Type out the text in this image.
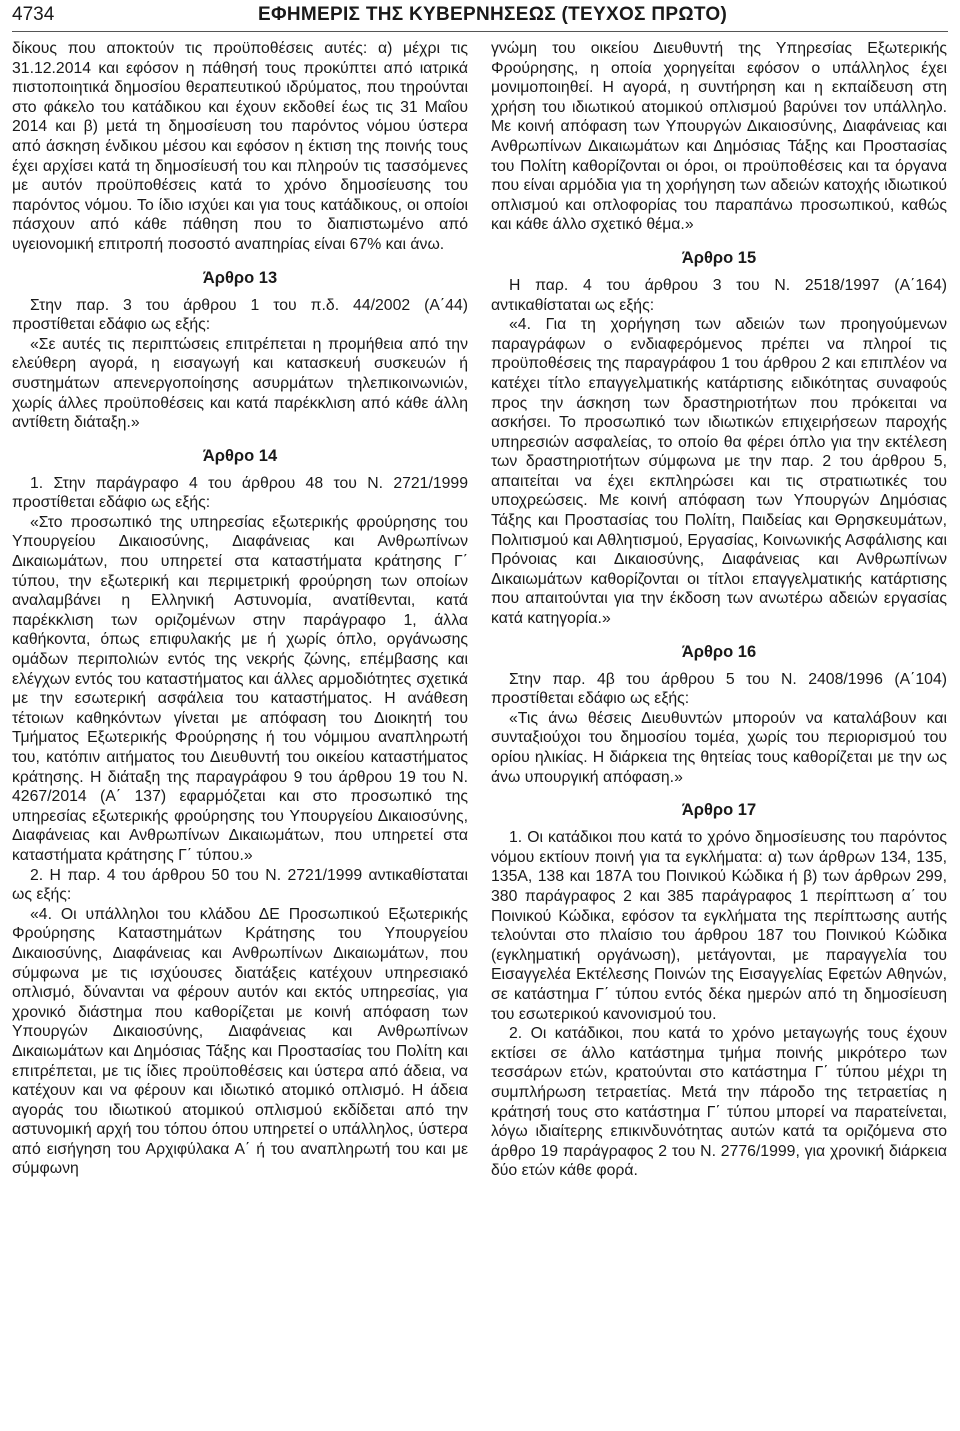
4734	ΕΦΗΜΕΡΙΣ ΤΗΣ ΚΥΒΕΡΝΗΣΕΩΣ (ΤΕΥΧΟΣ ΠΡΩΤΟ)

δίκους που αποκτούν τις προϋποθέσεις αυτές: α) μέχρι τις 31.12.2014 και εφόσον η πάθησή τους προκύπτει από ιατρικά πιστοποιητικά δημοσίου θεραπευτικού ιδρύματος, που τηρούνται στο φάκελο του κατάδικου και έχουν εκδοθεί έως τις 31 Μαΐου 2014 και β) μετά τη δημοσίευση του παρόντος νόμου ύστερα από άσκηση ένδικου μέσου και εφόσον η έκτιση της ποινής τους έχει αρχίσει κατά τη δημοσίευσή του και πληρούν τις τασσόμενες με αυτόν προϋποθέσεις κατά το χρόνο δημοσίευσης του παρόντος νόμου. Το ίδιο ισχύει και για τους κατάδικους, οι οποίοι πάσχουν από κάθε πάθηση που το διαπιστωμένο από υγειονομική επιτροπή ποσοστό αναπηρίας είναι 67% και άνω.

Άρθρο 13

Στην παρ. 3 του άρθρου 1 του π.δ. 44/2002 (Α΄44) προστίθεται εδάφιο ως εξής:

«Σε αυτές τις περιπτώσεις επιτρέπεται η προμήθεια από την ελεύθερη αγορά, η εισαγωγή και κατασκευή συσκευών ή συστημάτων απενεργοποίησης ασυρμάτων τηλεπικοινωνιών, χωρίς άλλες προϋποθέσεις και κατά παρέκκλιση από κάθε άλλη αντίθετη διάταξη.»

Άρθρο 14

1. Στην παράγραφο 4 του άρθρου 48 του Ν. 2721/1999 προστίθεται εδάφιο ως εξής:

«Στο προσωπικό της υπηρεσίας εξωτερικής φρούρησης του Υπουργείου Δικαιοσύνης, Διαφάνειας και Ανθρωπίνων Δικαιωμάτων, που υπηρετεί στα καταστήματα κράτησης Γ΄ τύπου, την εξωτερική και περιμετρική φρούρηση των οποίων αναλαμβάνει η Ελληνική Αστυνομία, ανατίθενται, κατά παρέκκλιση των οριζομένων στην παράγραφο 1, άλλα καθήκοντα, όπως επιφυλακής με ή χωρίς όπλο, οργάνωσης ομάδων περιπολιών εντός της νεκρής ζώνης, επέμβασης και ελέγχων εντός του καταστήματος και άλλες αρμοδιότητες σχετικά με την εσωτερική ασφάλεια του καταστήματος. Η ανάθεση τέτοιων καθηκόντων γίνεται με απόφαση του Διοικητή του Τμήματος Εξωτερικής Φρούρησης ή του νόμιμου αναπληρωτή του, κατόπιν αιτήματος του Διευθυντή του οικείου καταστήματος κράτησης. Η διάταξη της παραγράφου 9 του άρθρου 19 του Ν. 4267/2014 (Α΄ 137) εφαρμόζεται και στο προσωπικό της υπηρεσίας εξωτερικής φρούρησης του Υπουργείου Δικαιοσύνης, Διαφάνειας και Ανθρωπίνων Δικαιωμάτων, που υπηρετεί στα καταστήματα κράτησης Γ΄ τύπου.»

2. Η παρ. 4 του άρθρου 50 του Ν. 2721/1999 αντικαθίσταται ως εξής:

«4. Οι υπάλληλοι του κλάδου ΔΕ Προσωπικού Εξωτερικής Φρούρησης Καταστημάτων Κράτησης του Υπουργείου Δικαιοσύνης, Διαφάνειας και Ανθρωπίνων Δικαιωμάτων, που σύμφωνα με τις ισχύουσες διατάξεις κατέχουν υπηρεσιακό οπλισμό, δύνανται να φέρουν αυτόν και εκτός υπηρεσίας, για χρονικό διάστημα που καθορίζεται με κοινή απόφαση των Υπουργών Δικαιοσύνης, Διαφάνειας και Ανθρωπίνων Δικαιωμάτων και Δημόσιας Τάξης και Προστασίας του Πολίτη και επιτρέπεται, με τις ίδιες προϋποθέσεις και ύστερα από άδεια, να κατέχουν και να φέρουν και ιδιωτικό ατομικό οπλισμό. Η άδεια αγοράς του ιδιωτικού ατομικού οπλισμού εκδίδεται από την αστυνομική αρχή του τόπου όπου υπηρετεί ο υπάλληλος, ύστερα από εισήγηση του Αρχιφύλακα Α΄ ή του αναπληρωτή του και με σύμφωνη

γνώμη του οικείου Διευθυντή της Υπηρεσίας Εξωτερικής Φρούρησης, η οποία χορηγείται εφόσον ο υπάλληλος έχει μονιμοποιηθεί. Η αγορά, η συντήρηση και η εκπαίδευση στη χρήση του ιδιωτικού ατομικού οπλισμού βαρύνει τον υπάλληλο. Με κοινή απόφαση των Υπουργών Δικαιοσύνης, Διαφάνειας και Ανθρωπίνων Δικαιωμάτων και Δημόσιας Τάξης και Προστασίας του Πολίτη καθορίζονται οι όροι, οι προϋποθέσεις και τα όργανα που είναι αρμόδια για τη χορήγηση των αδειών κατοχής ιδιωτικού οπλισμού και οπλοφορίας του παραπάνω προσωπικού, καθώς και κάθε άλλο σχετικό θέμα.»

Άρθρο 15

Η παρ. 4 του άρθρου 3 του Ν. 2518/1997 (Α΄164) αντικαθίσταται ως εξής:

«4. Για τη χορήγηση των αδειών των προηγούμενων παραγράφων ο ενδιαφερόμενος πρέπει να πληροί τις προϋποθέσεις της παραγράφου 1 του άρθρου 2 και επιπλέον να κατέχει τίτλο επαγγελματικής κατάρτισης ειδικότητας συναφούς προς την άσκηση των δραστηριοτήτων που πρόκειται να ασκήσει. Το προσωπικό των ιδιωτικών επιχειρήσεων παροχής υπηρεσιών ασφαλείας, το οποίο θα φέρει όπλο για την εκτέλεση των δραστηριοτήτων σύμφωνα με την παρ. 2 του άρθρου 5, απαιτείται να έχει εκπληρώσει και τις στρατιωτικές του υποχρεώσεις. Με κοινή απόφαση των Υπουργών Δημόσιας Τάξης και Προστασίας του Πολίτη, Παιδείας και Θρησκευμάτων, Πολιτισμού και Αθλητισμού, Εργασίας, Κοινωνικής Ασφάλισης και Πρόνοιας και Δικαιοσύνης, Διαφάνειας και Ανθρωπίνων Δικαιωμάτων καθορίζονται οι τίτλοι επαγγελματικής κατάρτισης που απαιτούνται για την έκδοση των ανωτέρω αδειών εργασίας κατά κατηγορία.»

Άρθρο 16

Στην παρ. 4β του άρθρου 5 του Ν. 2408/1996 (Α΄104) προστίθεται εδάφιο ως εξής:

«Τις άνω θέσεις Διευθυντών μπορούν να καταλάβουν και συνταξιούχοι του δημοσίου τομέα, χωρίς του περιορισμού του ορίου ηλικίας. Η διάρκεια της θητείας τους καθορίζεται με την ως άνω υπουργική απόφαση.»

Άρθρο 17

1. Οι κατάδικοι που κατά το χρόνο δημοσίευσης του παρόντος νόμου εκτίουν ποινή για τα εγκλήματα: α) των άρθρων 134, 135, 135Α, 138 και 187Α του Ποινικού Κώδικα ή β) των άρθρων 299, 380 παράγραφος 2 και 385 παράγραφος 1 περίπτωση α΄ του Ποινικού Κώδικα, εφόσον τα εγκλήματα της περίπτωσης αυτής τελούνται στο πλαίσιο του άρθρου 187 του Ποινικού Κώδικα (εγκληματική οργάνωση), μετάγονται, με παραγγελία του Εισαγγελέα Εκτέλεσης Ποινών της Εισαγγελίας Εφετών Αθηνών, σε κατάστημα Γ΄ τύπου εντός δέκα ημερών από τη δημοσίευση του εσωτερικού κανονισμού του.

2. Οι κατάδικοι, που κατά το χρόνο μεταγωγής τους έχουν εκτίσει σε άλλο κατάστημα τμήμα ποινής μικρότερο των τεσσάρων ετών, κρατούνται στο κατάστημα Γ΄ τύπου μέχρι τη συμπλήρωση τετραετίας. Μετά την πάροδο της τετραετίας η κράτησή τους στο κατάστημα Γ΄ τύπου μπορεί να παρατείνεται, λόγω ιδιαίτερης επικινδυνότητας αυτών κατά τα οριζόμενα στο άρθρο 19 παράγραφος 2 του Ν. 2776/1999, για χρονική διάρκεια δύο ετών κάθε φορά.
